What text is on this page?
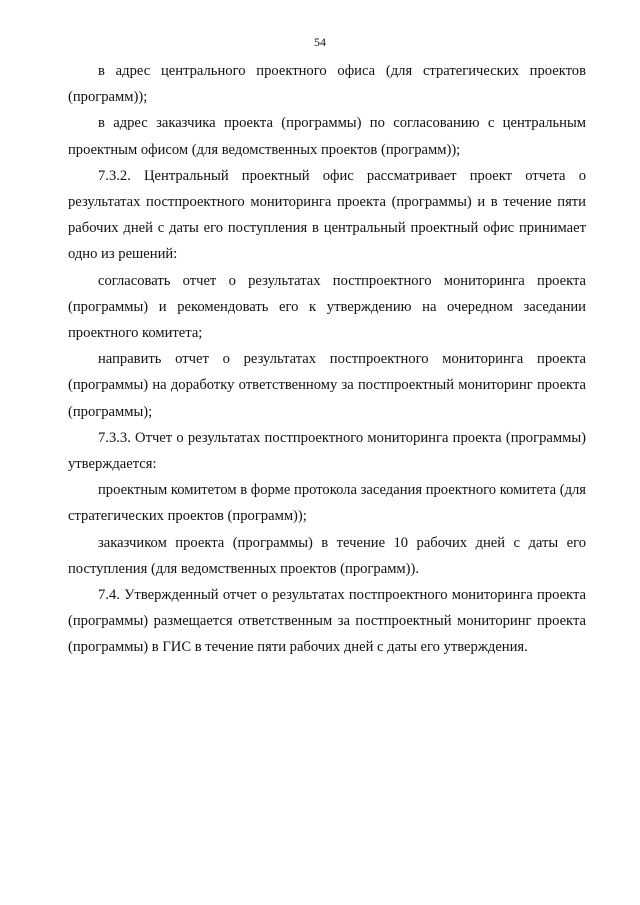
54

в адрес центрального проектного офиса (для стратегических проектов (программ));

в адрес заказчика проекта (программы) по согласованию с центральным проектным офисом (для ведомственных проектов (программ));

7.3.2. Центральный проектный офис рассматривает проект отчета о результатах постпроектного мониторинга проекта (программы) и в течение пяти рабочих дней с даты его поступления в центральный проектный офис принимает одно из решений:

согласовать отчет о результатах постпроектного мониторинга проекта (программы) и рекомендовать его к утверждению на очередном заседании проектного комитета;

направить отчет о результатах постпроектного мониторинга проекта (программы) на доработку ответственному за постпроектный мониторинг проекта (программы);

7.3.3. Отчет о результатах постпроектного мониторинга проекта (программы) утверждается:

проектным комитетом в форме протокола заседания проектного комитета (для стратегических проектов (программ));

заказчиком проекта (программы) в течение 10 рабочих дней с даты его поступления (для ведомственных проектов (программ)).

7.4. Утвержденный отчет о результатах постпроектного мониторинга проекта (программы) размещается ответственным за постпроектный мониторинг проекта (программы) в ГИС в течение пяти рабочих дней с даты его утверждения.
